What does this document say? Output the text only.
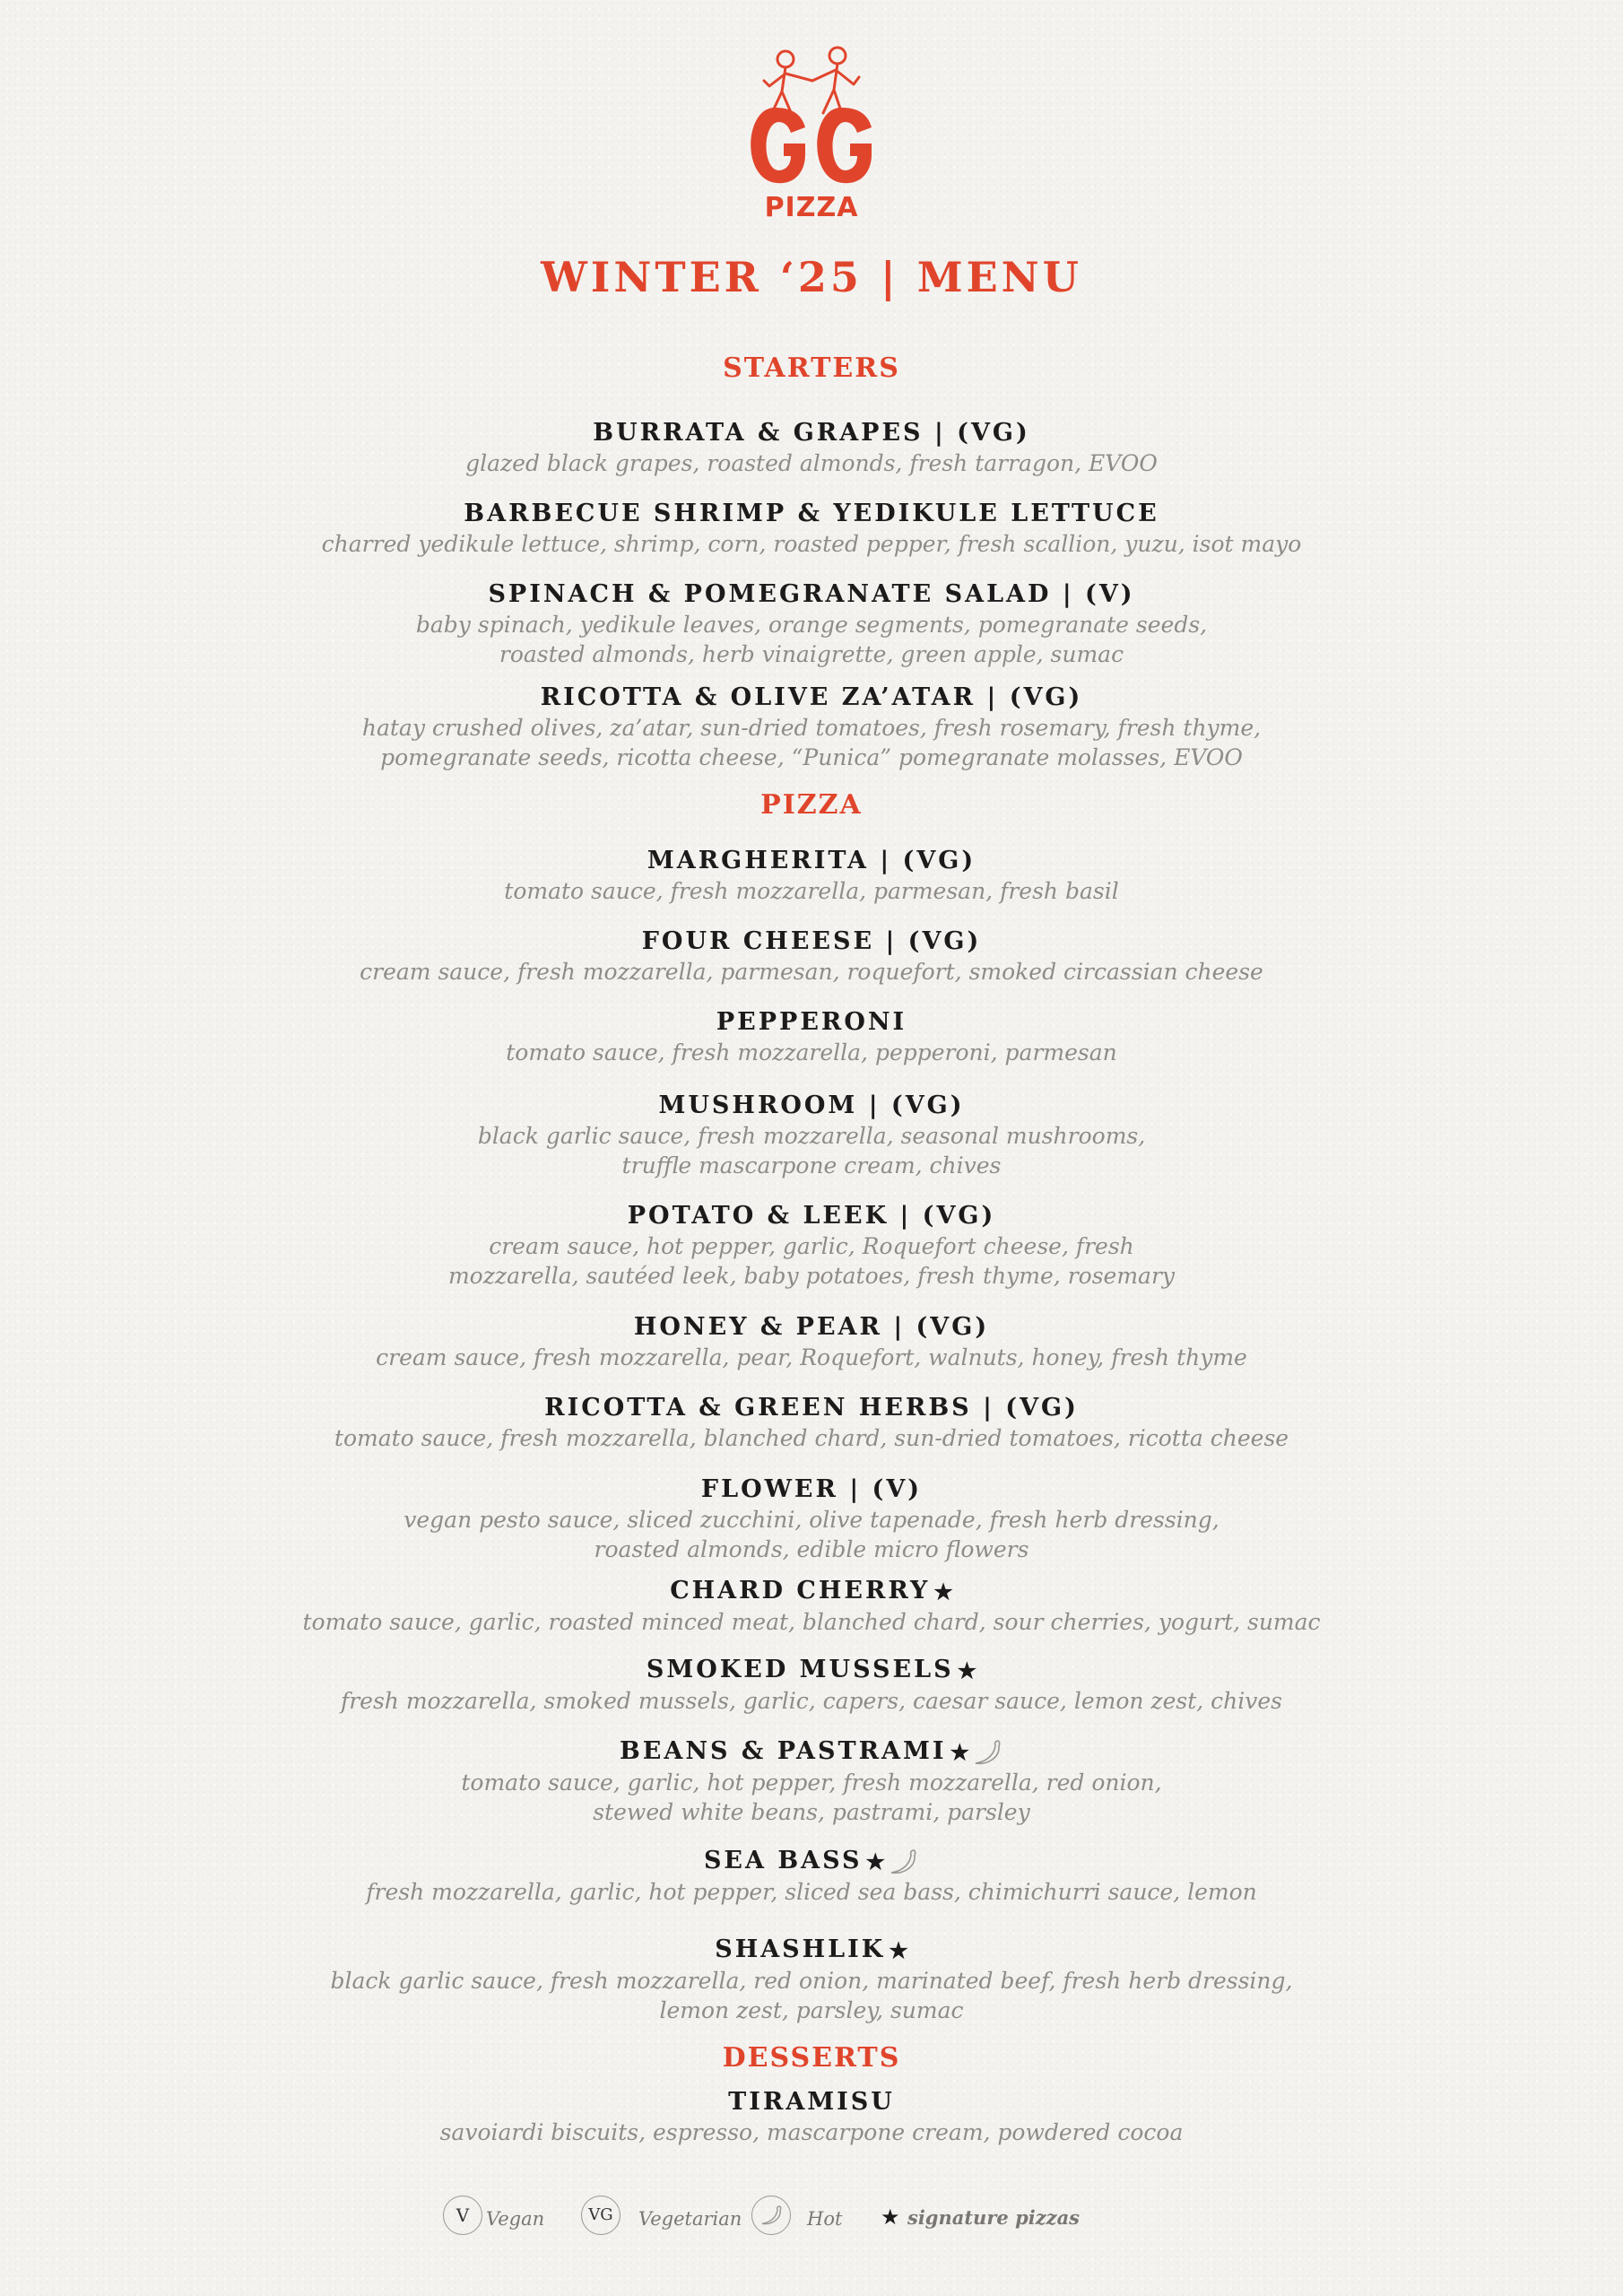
PIZZA
WINTER ‘25 | MENU
STARTERS
BURRATA & GRAPES | (VG)
glazed black grapes, roasted almonds, fresh tarragon, EVOO
BARBECUE SHRIMP & YEDIKULE LETTUCE
charred yedikule lettuce, shrimp, corn, roasted pepper, fresh scallion, yuzu, isot mayo
SPINACH & POMEGRANATE SALAD | (V)
baby spinach, yedikule leaves, orange segments, pomegranate seeds,
roasted almonds, herb vinaigrette, green apple, sumac
RICOTTA & OLIVE ZA’ATAR | (VG)
hatay crushed olives, za’atar, sun-dried tomatoes, fresh rosemary, fresh thyme,
pomegranate seeds, ricotta cheese, “Punica” pomegranate molasses, EVOO
PIZZA
MARGHERITA | (VG)
tomato sauce, fresh mozzarella, parmesan, fresh basil
FOUR CHEESE | (VG)
cream sauce, fresh mozzarella, parmesan, roquefort, smoked circassian cheese
PEPPERONI
tomato sauce, fresh mozzarella, pepperoni, parmesan
MUSHROOM | (VG)
black garlic sauce, fresh mozzarella, seasonal mushrooms,
truffle mascarpone cream, chives
POTATO & LEEK | (VG)
cream sauce, hot pepper, garlic, Roquefort cheese, fresh
mozzarella, sautéed leek, baby potatoes, fresh thyme, rosemary
HONEY & PEAR | (VG)
cream sauce, fresh mozzarella, pear, Roquefort, walnuts, honey, fresh thyme
RICOTTA & GREEN HERBS | (VG)
tomato sauce, fresh mozzarella, blanched chard, sun-dried tomatoes, ricotta cheese
FLOWER | (V)
vegan pesto sauce, sliced zucchini, olive tapenade, fresh herb dressing,
roasted almonds, edible micro flowers
CHARD CHERRY ★
tomato sauce, garlic, roasted minced meat, blanched chard, sour cherries, yogurt, sumac
SMOKED MUSSELS ★
fresh mozzarella, smoked mussels, garlic, capers, caesar sauce, lemon zest, chives
BEANS & PASTRAMI ★
tomato sauce, garlic, hot pepper, fresh mozzarella, red onion,
stewed white beans, pastrami, parsley
SEA BASS ★
fresh mozzarella, garlic, hot pepper, sliced sea bass, chimichurri sauce, lemon
SHASHLIK ★
black garlic sauce, fresh mozzarella, red onion, marinated beef, fresh herb dressing,
lemon zest, parsley, sumac
DESSERTS
TIRAMISU
savoiardi biscuits, espresso, mascarpone cream, powdered cocoa
V Vegan	VG	Vegetarian	Hot ★ signature pizzas
